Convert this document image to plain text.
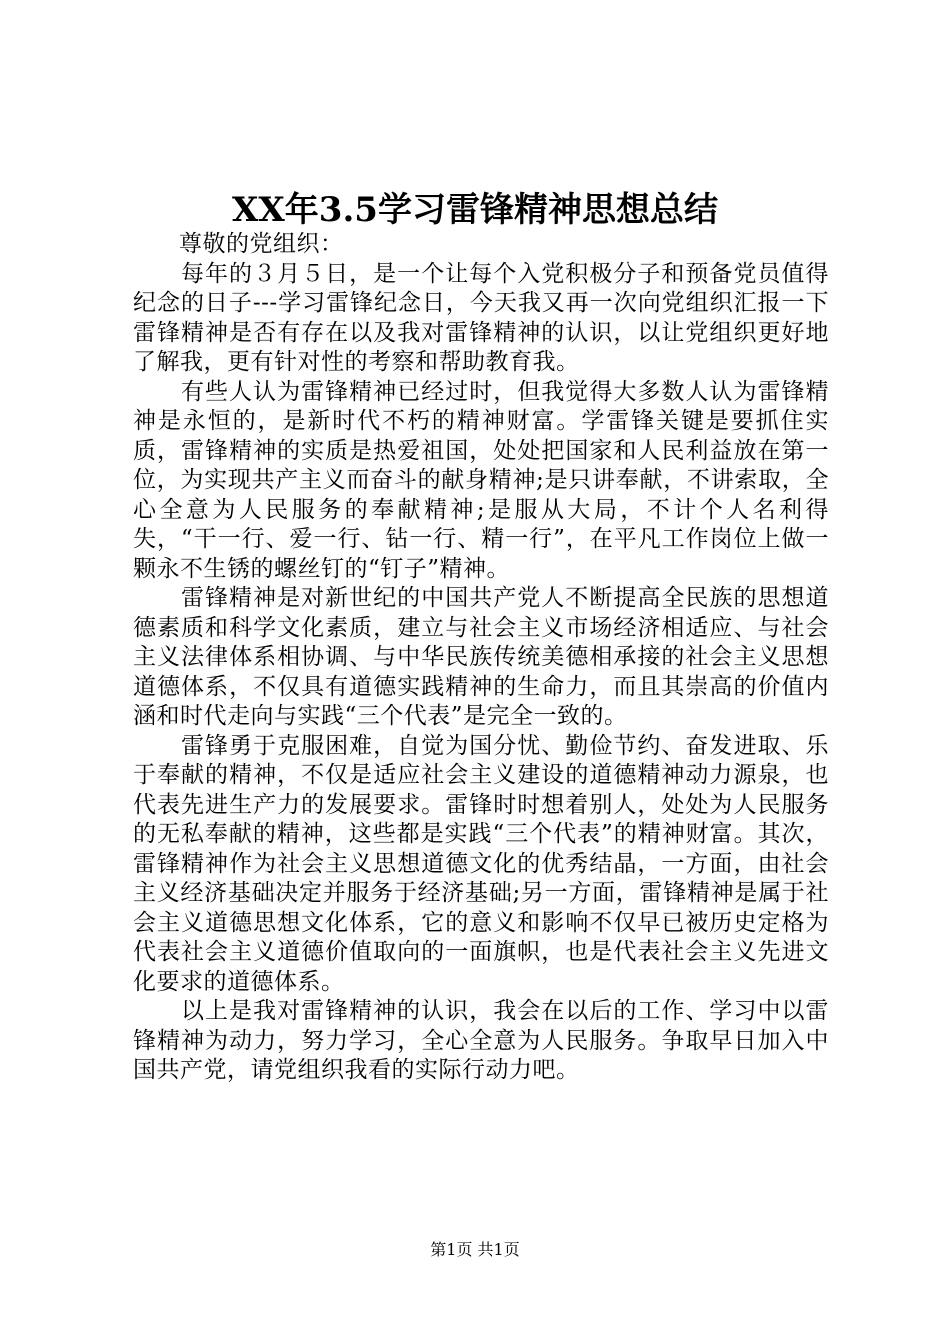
XX年3.5学习雷锋精神思想总结

尊敬的党组织：

每年的３月５日，是一个让每个入党积极分子和预备党员值得纪念的日子---学习雷锋纪念日，今天我又再一次向党组织汇报一下雷锋精神是否有存在以及我对雷锋精神的认识，以让党组织更好地了解我，更有针对性的考察和帮助教育我。

有些人认为雷锋精神已经过时，但我觉得大多数人认为雷锋精神是永恒的，是新时代不朽的精神财富。学雷锋关键是要抓住实质，雷锋精神的实质是热爱祖国，处处把国家和人民利益放在第一位，为实现共产主义而奋斗的献身精神;是只讲奉献，不讲索取，全心全意为人民服务的奉献精神;是服从大局，不计个人名利得失，“干一行、爱一行、钻一行、精一行”，在平凡工作岗位上做一颗永不生锈的螺丝钉的“钉子”精神。

雷锋精神是对新世纪的中国共产党人不断提高全民族的思想道德素质和科学文化素质，建立与社会主义市场经济相适应、与社会主义法律体系相协调、与中华民族传统美德相承接的社会主义思想道德体系，不仅具有道德实践精神的生命力，而且其崇高的价值内涵和时代走向与实践“三个代表”是完全一致的。

雷锋勇于克服困难，自觉为国分忧、勤俭节约、奋发进取、乐于奉献的精神，不仅是适应社会主义建设的道德精神动力源泉，也代表先进生产力的发展要求。雷锋时时想着别人，处处为人民服务的无私奉献的精神，这些都是实践“三个代表”的精神财富。其次，雷锋精神作为社会主义思想道德文化的优秀结晶，一方面，由社会主义经济基础决定并服务于经济基础;另一方面，雷锋精神是属于社会主义道德思想文化体系，它的意义和影响不仅早已被历史定格为代表社会主义道德价值取向的一面旗帜，也是代表社会主义先进文化要求的道德体系。

以上是我对雷锋精神的认识，我会在以后的工作、学习中以雷锋精神为动力，努力学习，全心全意为人民服务。争取早日加入中国共产党，请党组织我看的实际行动力吧。

第1页 共1页
